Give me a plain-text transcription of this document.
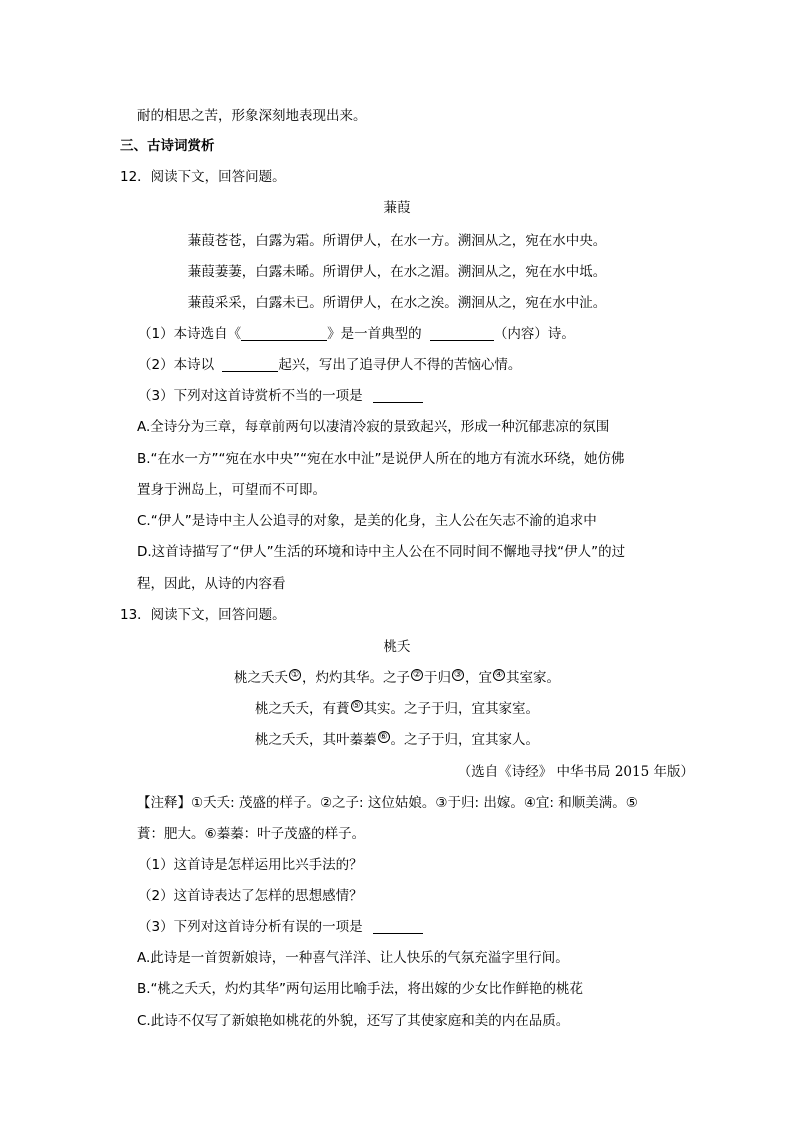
耐的相思之苦，形象深刻地表现出来。
三、古诗词赏析
12．阅读下文，回答问题。
蒹葭
蒹葭苍苍，白露为霜。所谓伊人，在水一方。溯洄从之，宛在水中央。
蒹葭萋萋，白露未晞。所谓伊人，在水之湄。溯洄从之，宛在水中坻。
蒹葭采采，白露未已。所谓伊人，在水之涘。溯洄从之，宛在水中沚。
（1）本诗选自《	》是一首典型的	（内容）诗。
（2）本诗以	起兴，写出了追寻伊人不得的苦恼心情。
（3）下列对这首诗赏析不当的一项是
A.全诗分为三章，每章前两句以凄清冷寂的景致起兴，形成一种沉郁悲凉的氛围
B.“在水一方”“宛在水中央”“宛在水中沚”是说伊人所在的地方有流水环绕，她仿佛
置身于洲岛上，可望而不可即。
C.“伊人”是诗中主人公追寻的对象，是美的化身，主人公在矢志不渝的追求中
D.这首诗描写了“伊人”生活的环境和诗中主人公在不同时间不懈地寻找“伊人”的过
程，因此，从诗的内容看
13．阅读下文，回答问题。
桃夭
桃之夭夭 ① ，灼灼其华。之子 ② 于归 ③ ，宜 ④ 其室家。
桃之夭夭，有蕡 ⑤ 其实。之子于归，宜其家室。
桃之夭夭，其叶蓁蓁 ⑥ 。之子于归，宜其家人。
（选自《诗经》 中华书局 2015 年版）
【注释】①夭夭: 茂盛的样子。②之子: 这位姑娘。③于归: 出嫁。④宜: 和顺美满。⑤
蕡：肥大。⑥蓁蓁：叶子茂盛的样子。
（1）这首诗是怎样运用比兴手法的？
（2）这首诗表达了怎样的思想感情？
（3）下列对这首诗分析有误的一项是
A.此诗是一首贺新娘诗，一种喜气洋洋、让人快乐的气氛充溢字里行间。
B.“桃之夭夭，灼灼其华”两句运用比喻手法，将出嫁的少女比作鲜艳的桃花
C.此诗不仅写了新娘艳如桃花的外貌，还写了其使家庭和美的内在品质。
